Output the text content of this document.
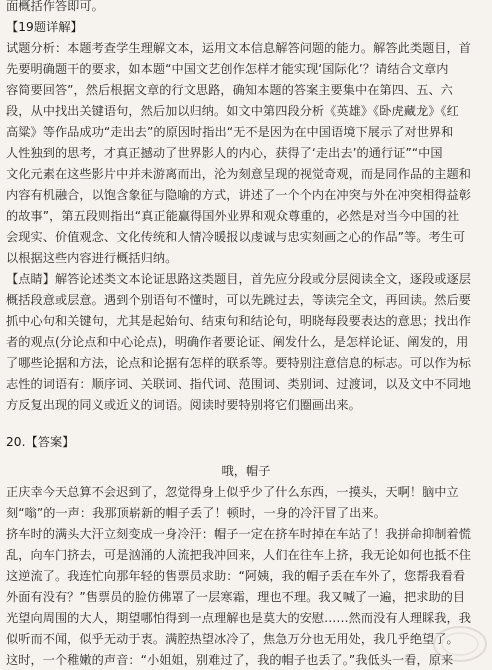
面概括作答即可。
【19题详解】
试题分析：本题考查学生理解文本，运用文本信息解答问题的能力。解答此类题目，首
先要明确题干的要求，如本题“中国文艺创作怎样才能实现‘国际化’？请结合文章内
容简要回答”，然后根据文章的行文思路，确知本题的答案主要集中在第四、五、六
段，从中找出关键语句，然后加以归纳。如文中第四段分析《英雄》《卧虎藏龙》《红
高粱》等作品成功“走出去”的原因时指出“无不是因为在中国语境下展示了对世界和
人性独到的思考，才真正撼动了世界影人的内心，获得了‘走出去’的通行证”“中国
文化元素在这些影片中并未游离而出，沦为刻意呈现的视觉奇观，而是同作品的主题和
内容有机融合，以饱含象征与隐喻的方式，讲述了一个个内在冲突与外在冲突相得益彰
的故事”，第五段则指出“真正能赢得国外业界和观众尊重的，必然是对当今中国的社
会现实、价值观念、文化传统和人情冷暖报以虔诚与忠实刻画之心的作品”等。考生可
以根据这些内容进行概括归纳。
【点睛】解答论述类文本论证思路这类题目，首先应分段或分层阅读全文，逐段或逐层
概括段意或层意。遇到个别语句不懂时，可以先跳过去，等读完全文，再回读。然后要
抓中心句和关键句，尤其是起始句、结束句和结论句，明晓每段要表达的意思；找出作
者的观点(分论点和中心论点)，明确作者要论证、阐发什么，是怎样论证、阐发的，用
了哪些论据和方法，论点和论据有怎样的联系等。要特别注意信息的标志。可以作为标
志性的词语有：顺序词、关联词、指代词、范围词、类别词、过渡词，以及文中不同地
方反复出现的同义或近义的词语。阅读时要特别将它们圈画出来。
20.【答案】
哦，帽子
正庆幸今天总算不会迟到了，忽觉得身上似乎少了什么东西，一摸头，天啊！脑中立
刻“嗡”的一声：我那顶崭新的帽子丢了！顿时，一身的冷汗冒了出来。
挤车时的满头大汗立刻变成一身冷汗：帽子一定在挤车时掉在车站了！我拼命抑制着慌
乱，向车门挤去，可是汹涌的人流把我冲回来，人们在往车上挤，我无论如何也抵不住
这逆流了。我连忙向那年轻的售票员求助：“阿姨，我的帽子丢在车外了，您帮我看看
外面有没有？”售票员的脸仿佛罩了一层寒霜，理也不理。我又喊了一遍，把求助的目
光望向周围的大人，期望哪怕得到一点理解也是莫大的安慰……然而没有人理睬我，我
似听而不闻，似乎无动于衷。满腔热望冰冷了，焦急万分也无用处，我几乎绝望了。
这时，一个稚嫩的声音：“小姐姐，别难过了，我的帽子也丢了。”我低头一看，原来
